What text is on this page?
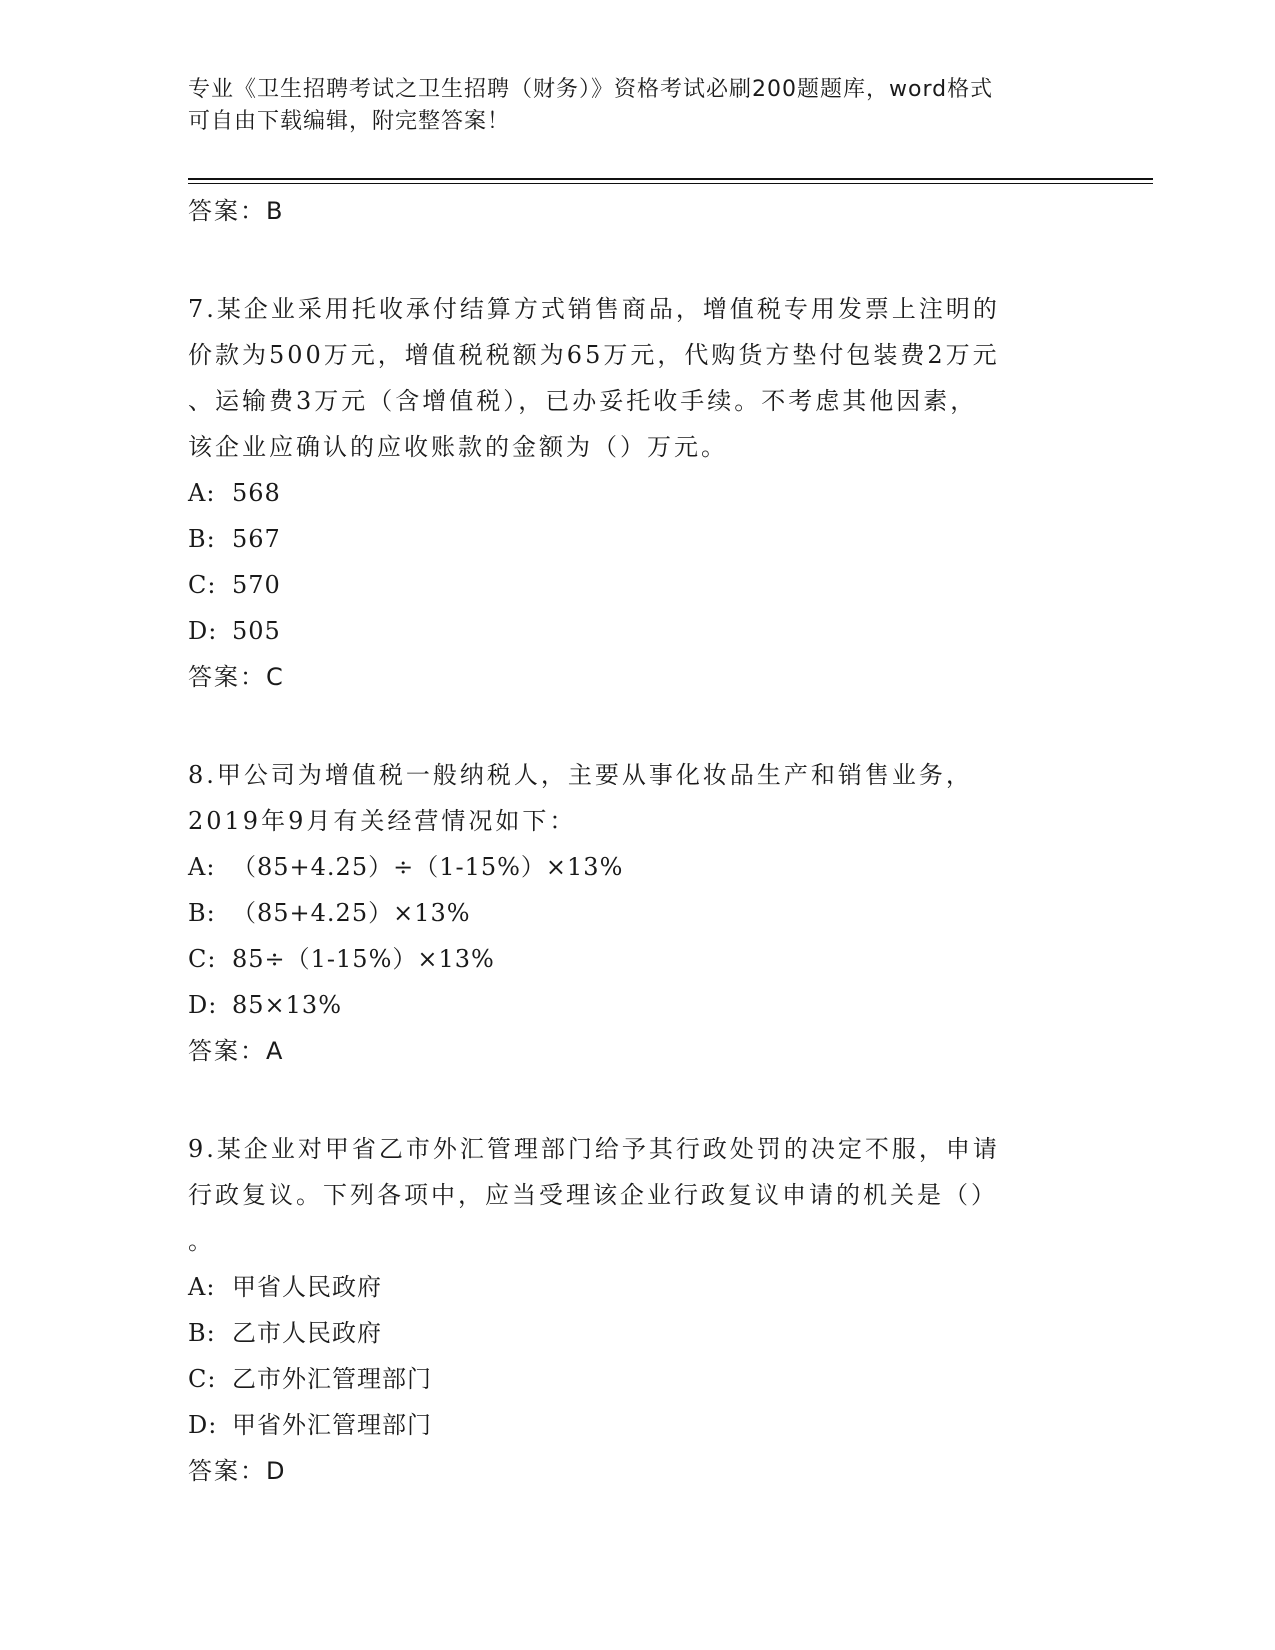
专业《卫生招聘考试之卫生招聘（财务）》资格考试必刷200题题库，word格式
可自由下载编辑，附完整答案！

答案：B

7.某企业采用托收承付结算方式销售商品，增值税专用发票上注明的

价款为500万元，增值税税额为65万元，代购货方垫付包装费2万元

、运输费3万元（含增值税），已办妥托收手续。不考虑其他因素，

该企业应确认的应收账款的金额为（）万元。

A: 568

B: 567

C: 570

D: 505

答案：C

8.甲公司为增值税一般纳税人，主要从事化妆品生产和销售业务，

2019年9月有关经营情况如下：

A: （85+4.25）÷（1-15%）×13%

B: （85+4.25）×13%

C: 85÷（1-15%）×13%

D: 85×13%

答案：A

9.某企业对甲省乙市外汇管理部门给予其行政处罚的决定不服，申请

行政复议。下列各项中，应当受理该企业行政复议申请的机关是（）

。

A: 甲省人民政府

B: 乙市人民政府

C: 乙市外汇管理部门

D: 甲省外汇管理部门

答案：D
